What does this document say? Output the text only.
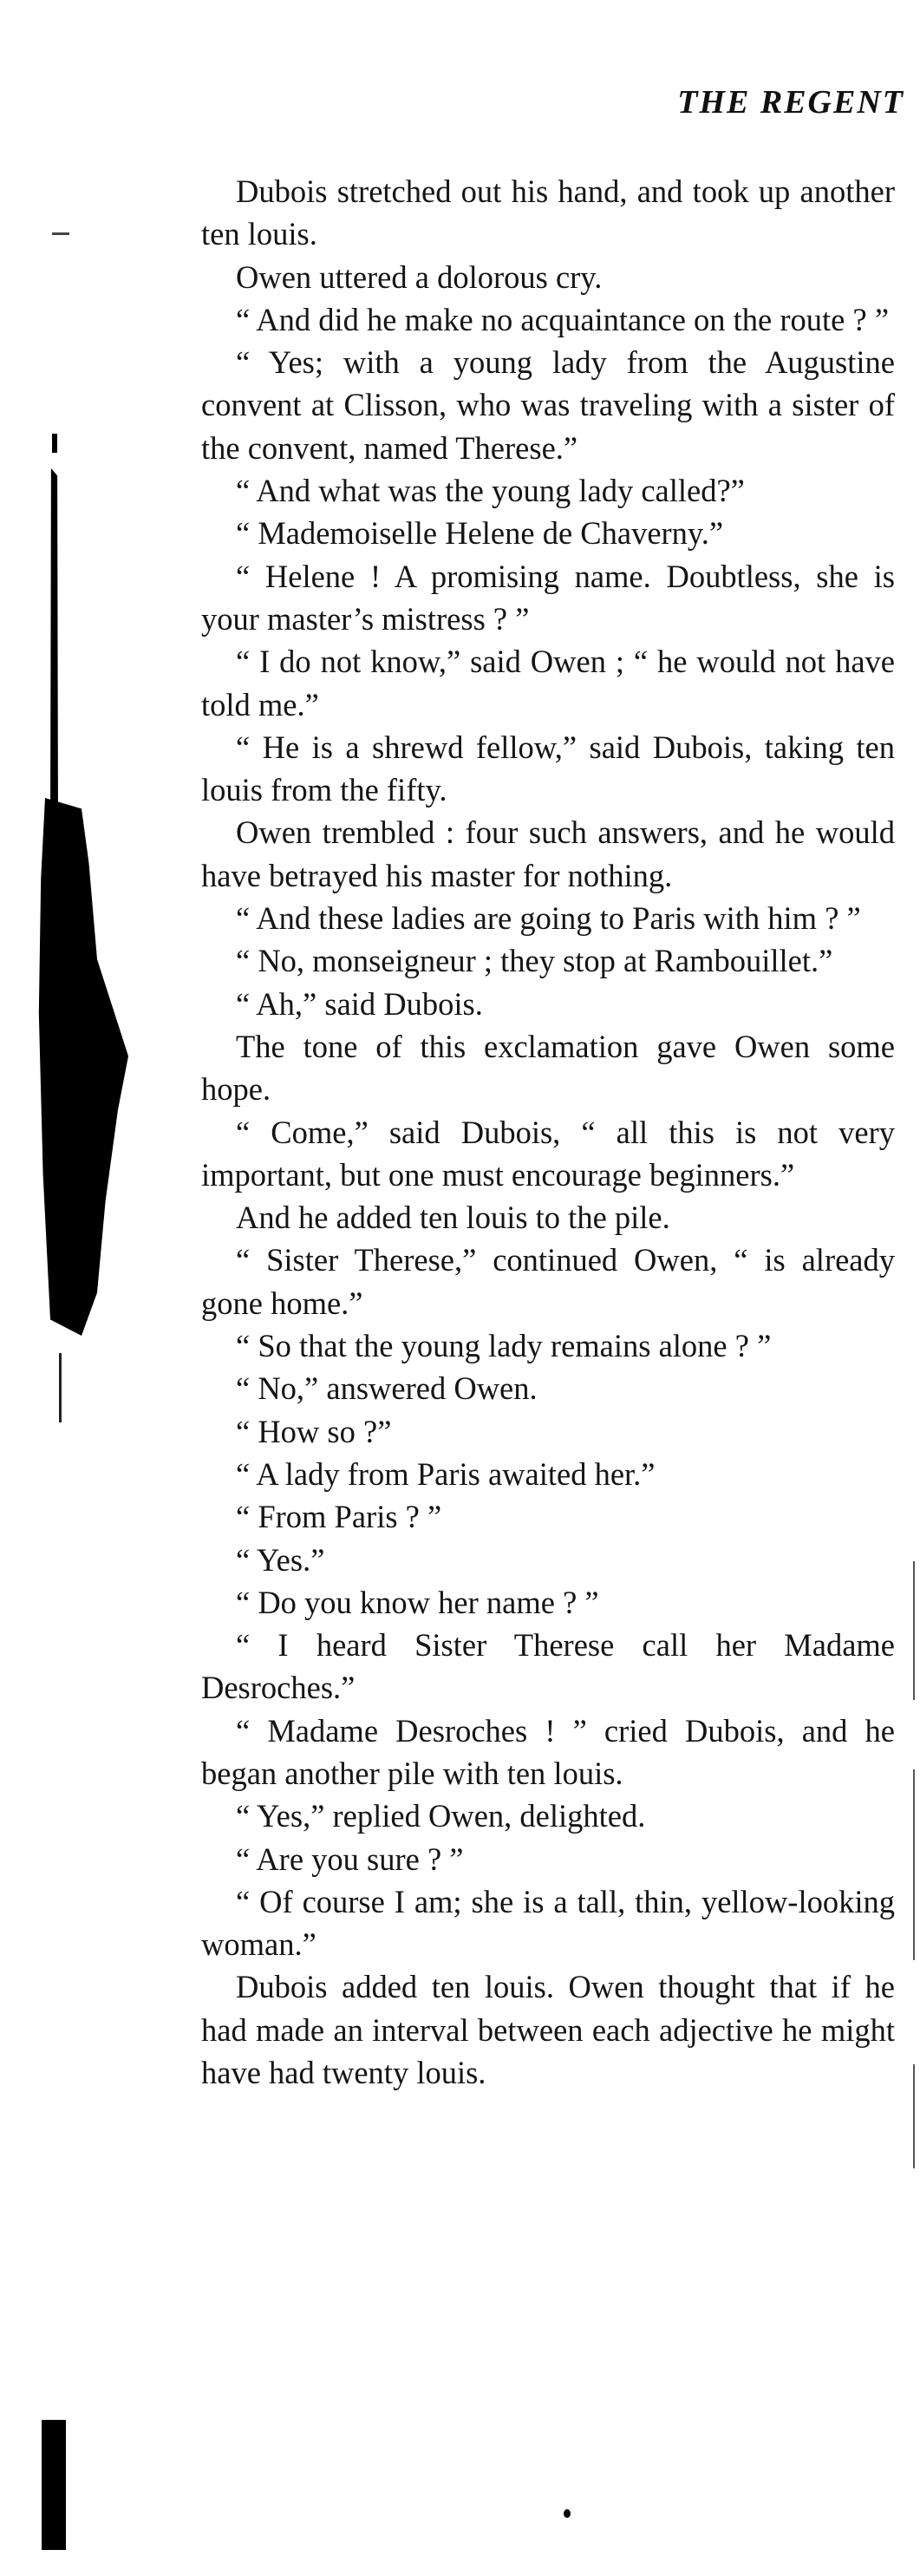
THE REGENT

Dubois stretched out his hand, and took up another ten louis.

Owen uttered a dolorous cry.

“ And did he make no acquaintance on the route ? ”

“ Yes; with a young lady from the Augustine convent at Clisson, who was traveling with a sister of the convent, named Therese.”

“ And what was the young lady called?”

“ Mademoiselle Helene de Chaverny.”

“ Helene ! A promising name. Doubtless, she is your master’s mistress ? ”

“ I do not know,” said Owen ; “ he would not have told me.”

“ He is a shrewd fellow,” said Dubois, taking ten louis from the fifty.

Owen trembled : four such answers, and he would have betrayed his master for nothing.

“ And these ladies are going to Paris with him ? ”

“ No, monseigneur ; they stop at Rambouillet.”

“ Ah,” said Dubois.

The tone of this exclamation gave Owen some hope.

“ Come,” said Dubois, “ all this is not very important, but one must encourage beginners.”

And he added ten louis to the pile.

“ Sister Therese,” continued Owen, “ is already gone home.”

“ So that the young lady remains alone ? ”

“ No,” answered Owen.

“ How so ?”

“ A lady from Paris awaited her.”

“ From Paris ? ”

“ Yes.”

“ Do you know her name ? ”

“ I heard Sister Therese call her Madame Desroches.”

“ Madame Desroches ! ” cried Dubois, and he began another pile with ten louis.

“ Yes,” replied Owen, delighted.

“ Are you sure ? ”

“ Of course I am; she is a tall, thin, yellow-looking woman.”

Dubois added ten louis. Owen thought that if he had made an interval between each adjective he might have had twenty louis.
